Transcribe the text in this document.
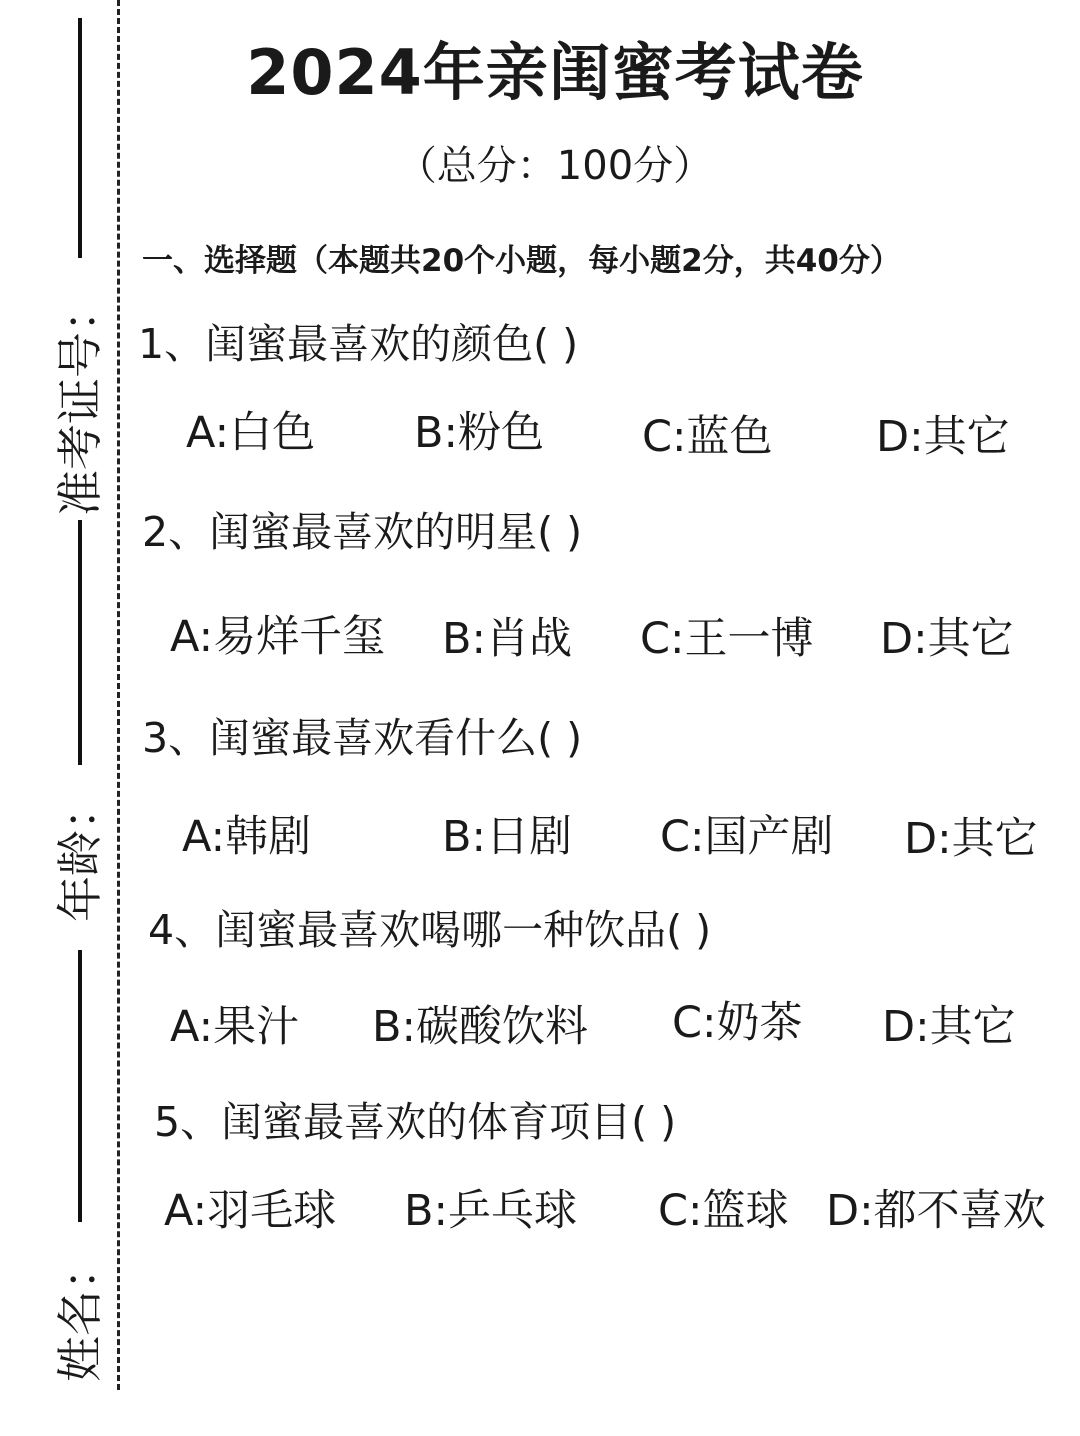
准考证号：
年龄：
姓名：
2024年亲闺蜜考试卷
（总分：100分）
一、选择题（本题共20个小题，每小题2分，共40分）
1、闺蜜最喜欢的颜色( )
A:白色 B:粉色 C:蓝色 D:其它
2、闺蜜最喜欢的明星( )
A:易烊千玺 B:肖战 C:王一博 D:其它
3、闺蜜最喜欢看什么( )
A:韩剧	B:日剧 C:国产剧 D:其它
4、闺蜜最喜欢喝哪一种饮品( )
A:果汁 B:碳酸饮料 C:奶茶 D:其它
5、闺蜜最喜欢的体育项目( )
A:羽毛球 B:乒乓球 C:篮球 D:都不喜欢
